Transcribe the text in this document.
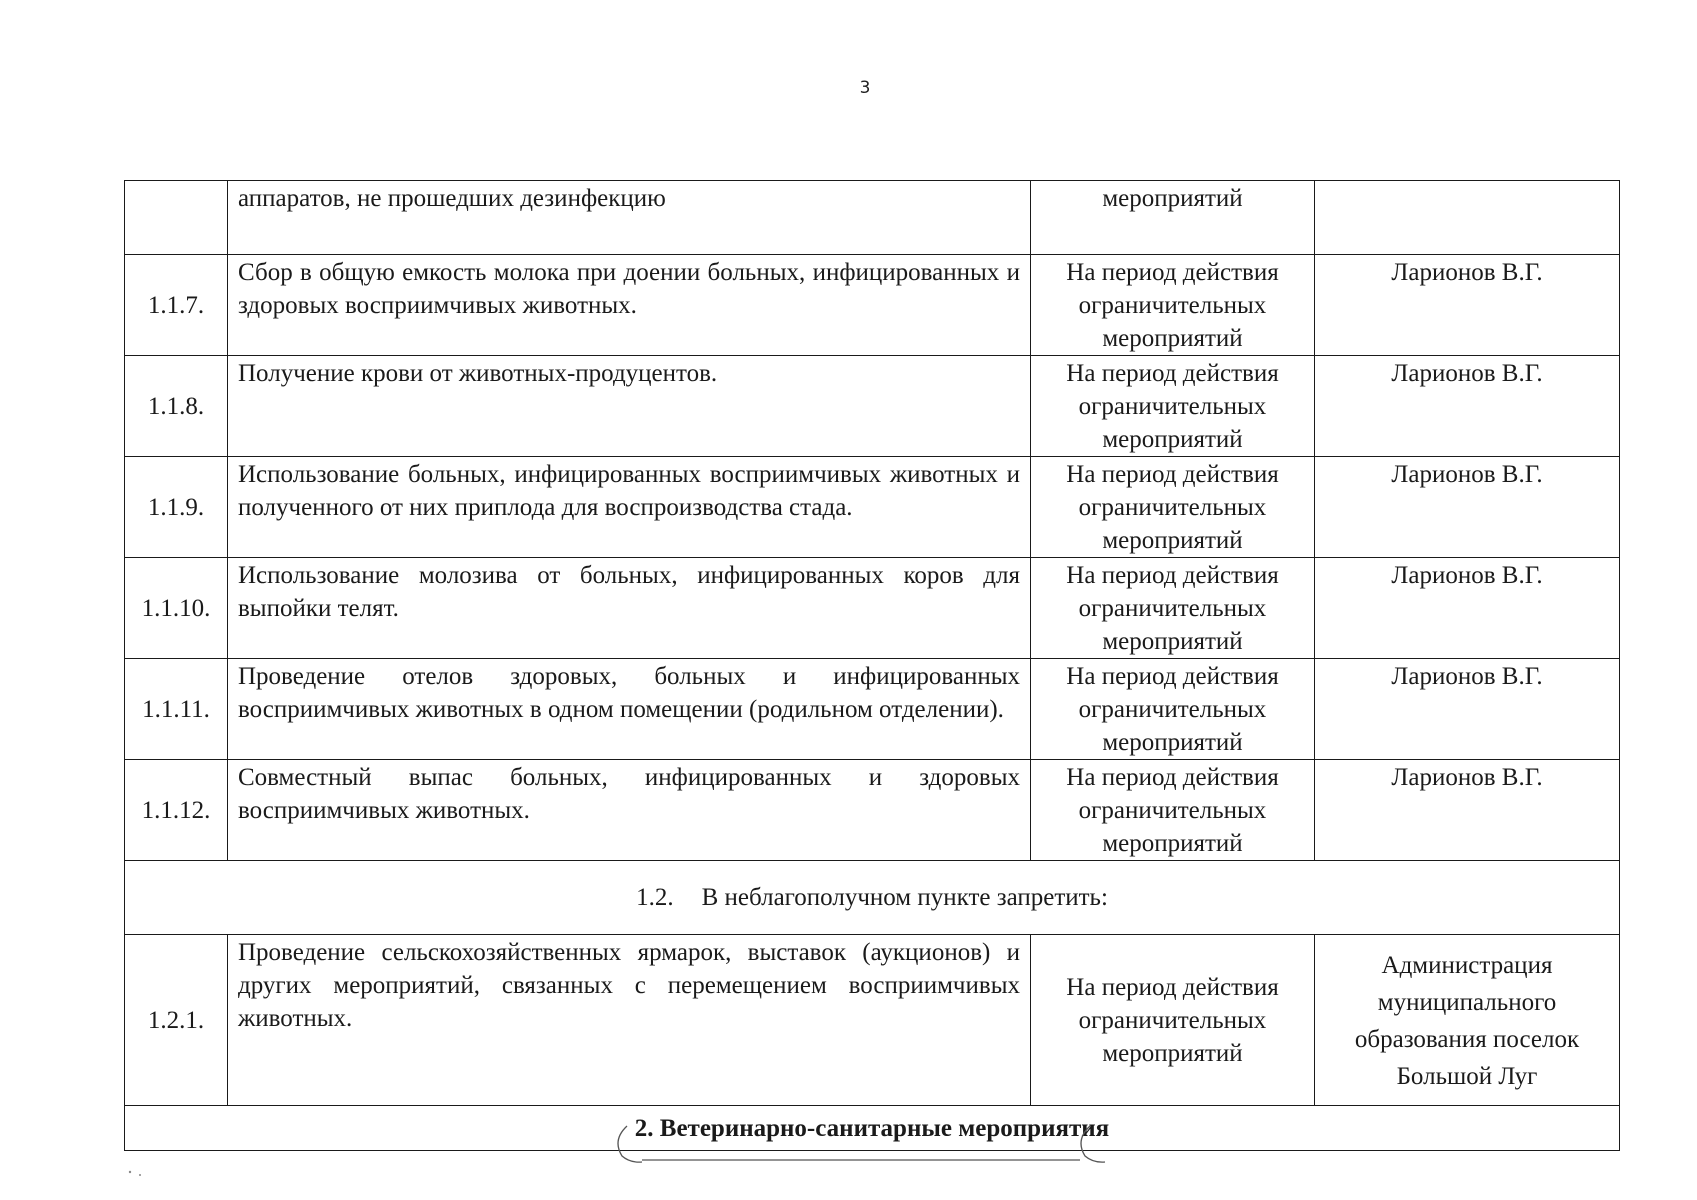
3
	аппаратов, не прошедших дезинфекцию	мероприятий	
1.1.7.	Сбор в общую емкость молока при доении больных, инфицированных и здоровых восприимчивых животных.	На период действия ограничительных мероприятий	Ларионов В.Г.
1.1.8.	Получение крови от животных-продуцентов.	На период действия ограничительных мероприятий	Ларионов В.Г.
1.1.9.	Использование больных, инфицированных восприимчивых животных и полученного от них приплода для воспроизводства стада.	На период действия ограничительных мероприятий	Ларионов В.Г.
1.1.10.	Использование молозива от больных, инфицированных коров для выпойки телят.	На период действия ограничительных мероприятий	Ларионов В.Г.
1.1.11.	Проведение отелов здоровых, больных и инфицированных восприимчивых животных в одном помещении (родильном отделении).	На период действия ограничительных мероприятий	Ларионов В.Г.
1.1.12.	Совместный выпас больных, инфицированных и здоровых восприимчивых животных.	На период действия ограничительных мероприятий	Ларионов В.Г.
1.2. В неблагополучном пункте запретить:			
1.2.1.	Проведение сельскохозяйственных ярмарок, выставок (аукционов) и других мероприятий, связанных с перемещением восприимчивых животных.	На период действия ограничительных мероприятий	Администрация муниципального образования поселок Большой Луг
2. Ветеринарно-санитарные мероприятия			
